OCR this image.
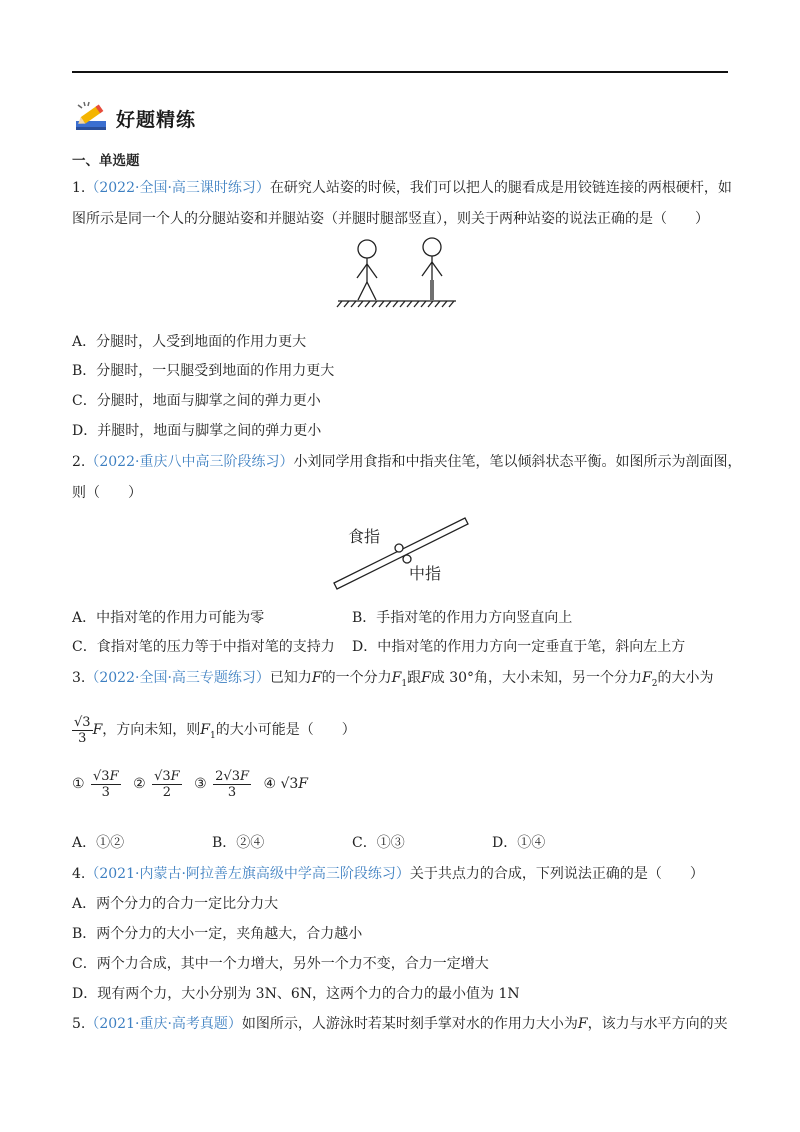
好题精练
一、单选题
1.（2022·全国·高三课时练习）在研究人站姿的时候，我们可以把人的腿看成是用铰链连接的两根硬杆，如
图所示是同一个人的分腿站姿和并腿站姿（并腿时腿部竖直），则关于两种站姿的说法正确的是（　　）
A．分腿时，人受到地面的作用力更大
B．分腿时，一只腿受到地面的作用力更大
C．分腿时，地面与脚掌之间的弹力更小
D．并腿时，地面与脚掌之间的弹力更小
2.（2022·重庆八中高三阶段练习）小刘同学用食指和中指夹住笔，笔以倾斜状态平衡。如图所示为剖面图，
则（　　）
食指
中指
A．中指对笔的作用力可能为零	B．手指对笔的作用力方向竖直向上
C．食指对笔的压力等于中指对笔的支持力 D．中指对笔的作用力方向一定垂直于笔，斜向左上方
3.（2022·全国·高三专题练习）已知力F的一个分力$F_1$跟F成 30°角，大小未知，另一个分力$F_2$的大小为
$\frac{√3}{3}$ F，方向未知，则$F_1$的大小可能是（　　）
① $\frac{√3F}{3}$ ② $\frac{√3F}{2}$ ③ $\frac{2√3F}{3}$ ④ √3F
A．①②	B．②④	C．①③	D．①④
4.（2021·内蒙古·阿拉善左旗高级中学高三阶段练习）关于共点力的合成，下列说法正确的是（　　）
A．两个分力的合力一定比分力大
B．两个分力的大小一定，夹角越大，合力越小
C．两个力合成，其中一个力增大，另外一个力不变，合力一定增大
D．现有两个力，大小分别为 3N、6N，这两个力的合力的最小值为 1N
5.（2021·重庆·高考真题）如图所示，人游泳时若某时刻手掌对水的作用力大小为F，该力与水平方向的夹
